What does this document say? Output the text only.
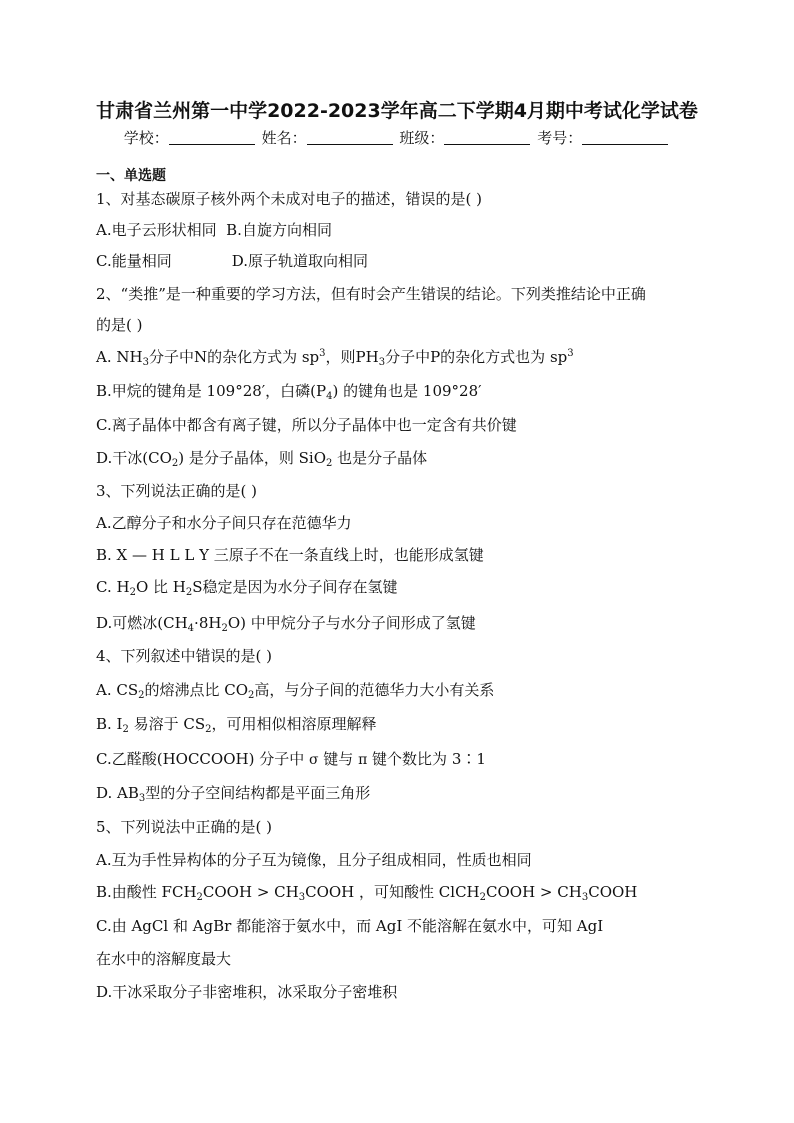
甘肃省兰州第一中学2022-2023学年高二下学期4月期中考试化学试卷
学校：	姓名：	班级：	考号：
一、单选题
1、对基态碳原子核外两个未成对电子的描述，错误的是( )
A.电子云形状相同 B.自旋方向相同
C.能量相同	D.原子轨道取向相同
2、“类推”是一种重要的学习方法，但有时会产生错误的结论。下列类推结论中正确
的是( )
A. $NH_3$分子中N的杂化方式为 $sp^3$，则$PH_3$分子中P的杂化方式也为 $sp^3$
B.甲烷的键角是 109°28′，白磷$(P_4)$ 的键角也是 109°28′
C.离子晶体中都含有离子键，所以分子晶体中也一定含有共价键
D.干冰$(CO_2)$ 是分子晶体，则 SiO$_2$ 也是分子晶体
3、下列说法正确的是( )
A.乙醇分子和水分子间只存在范德华力
B. X — H L L Y 三原子不在一条直线上时，也能形成氢键
C. $H_2O$ 比 $H_2S$稳定是因为水分子间存在氢键
D.可燃冰$(CH_4\cdot 8H_2O)$ 中甲烷分子与水分子间形成了氢键
4、下列叙述中错误的是( )
A. $CS_2$的熔沸点比 $CO_2$高，与分子间的范德华力大小有关系
B. $I_2$ 易溶于 $CS_2$，可用相似相溶原理解释
C.乙醛酸(HOCCOOH) 分子中 σ 键与 π 键个数比为 3∶1
D. $AB_3$型的分子空间结构都是平面三角形
5、下列说法中正确的是( )
A.互为手性异构体的分子互为镜像，且分子组成相同，性质也相同
B.由酸性 $FCH_2COOH$ > $CH_3COOH$ ，可知酸性 ClCH$_2$COOH > $CH_3COOH$
C.由 AgCl 和 AgBr 都能溶于氨水中，而 AgI 不能溶解在氨水中，可知 AgI
在水中的溶解度最大
D.干冰采取分子非密堆积，冰采取分子密堆积
